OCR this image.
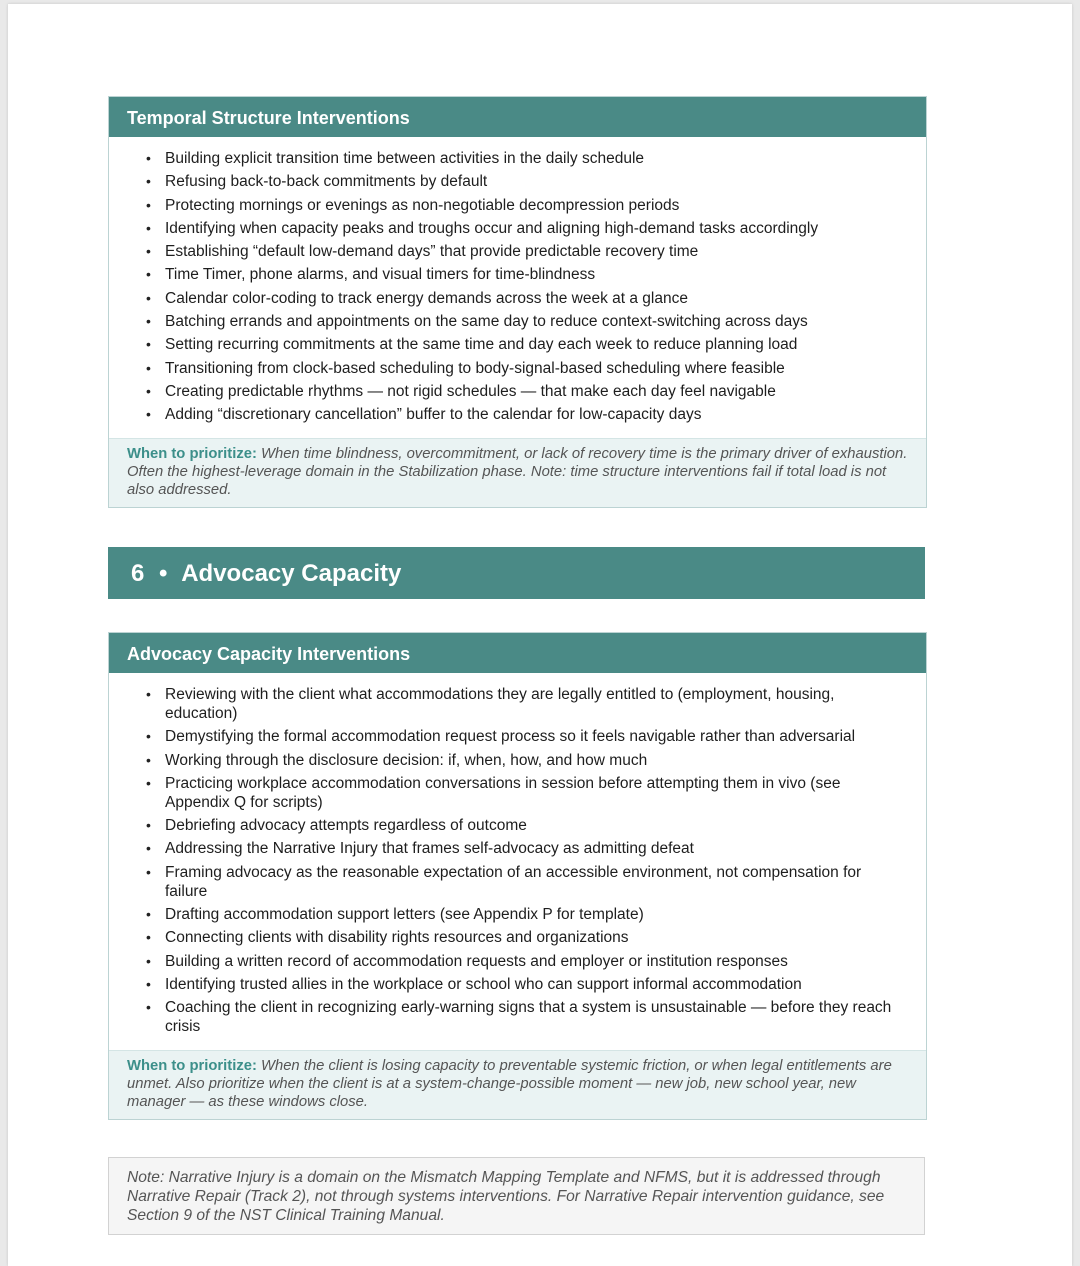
Temporal Structure Interventions
• Building explicit transition time between activities in the daily schedule
• Refusing back-to-back commitments by default
• Protecting mornings or evenings as non-negotiable decompression periods
• Identifying when capacity peaks and troughs occur and aligning high-demand tasks accordingly
• Establishing “default low-demand days” that provide predictable recovery time
• Time Timer, phone alarms, and visual timers for time-blindness
• Calendar color-coding to track energy demands across the week at a glance
• Batching errands and appointments on the same day to reduce context-switching across days
• Setting recurring commitments at the same time and day each week to reduce planning load
• Transitioning from clock-based scheduling to body-signal-based scheduling where feasible
• Creating predictable rhythms — not rigid schedules — that make each day feel navigable
• Adding “discretionary cancellation” buffer to the calendar for low-capacity days
When to prioritize: When time blindness, overcommitment, or lack of recovery time is the primary driver of exhaustion. Often the highest-leverage domain in the Stabilization phase. Note: time structure interventions fail if total load is not also addressed.
6 • Advocacy Capacity
Advocacy Capacity Interventions
• Reviewing with the client what accommodations they are legally entitled to (employment, housing, education)
• Demystifying the formal accommodation request process so it feels navigable rather than adversarial
• Working through the disclosure decision: if, when, how, and how much
• Practicing workplace accommodation conversations in session before attempting them in vivo (see Appendix Q for scripts)
• Debriefing advocacy attempts regardless of outcome
• Addressing the Narrative Injury that frames self-advocacy as admitting defeat
• Framing advocacy as the reasonable expectation of an accessible environment, not compensation for failure
• Drafting accommodation support letters (see Appendix P for template)
• Connecting clients with disability rights resources and organizations
• Building a written record of accommodation requests and employer or institution responses
• Identifying trusted allies in the workplace or school who can support informal accommodation
• Coaching the client in recognizing early-warning signs that a system is unsustainable — before they reach crisis
When to prioritize: When the client is losing capacity to preventable systemic friction, or when legal entitlements are unmet. Also prioritize when the client is at a system-change-possible moment — new job, new school year, new manager — as these windows close.
Note: Narrative Injury is a domain on the Mismatch Mapping Template and NFMS, but it is addressed through Narrative Repair (Track 2), not through systems interventions. For Narrative Repair intervention guidance, see Section 9 of the NST Clinical Training Manual.
